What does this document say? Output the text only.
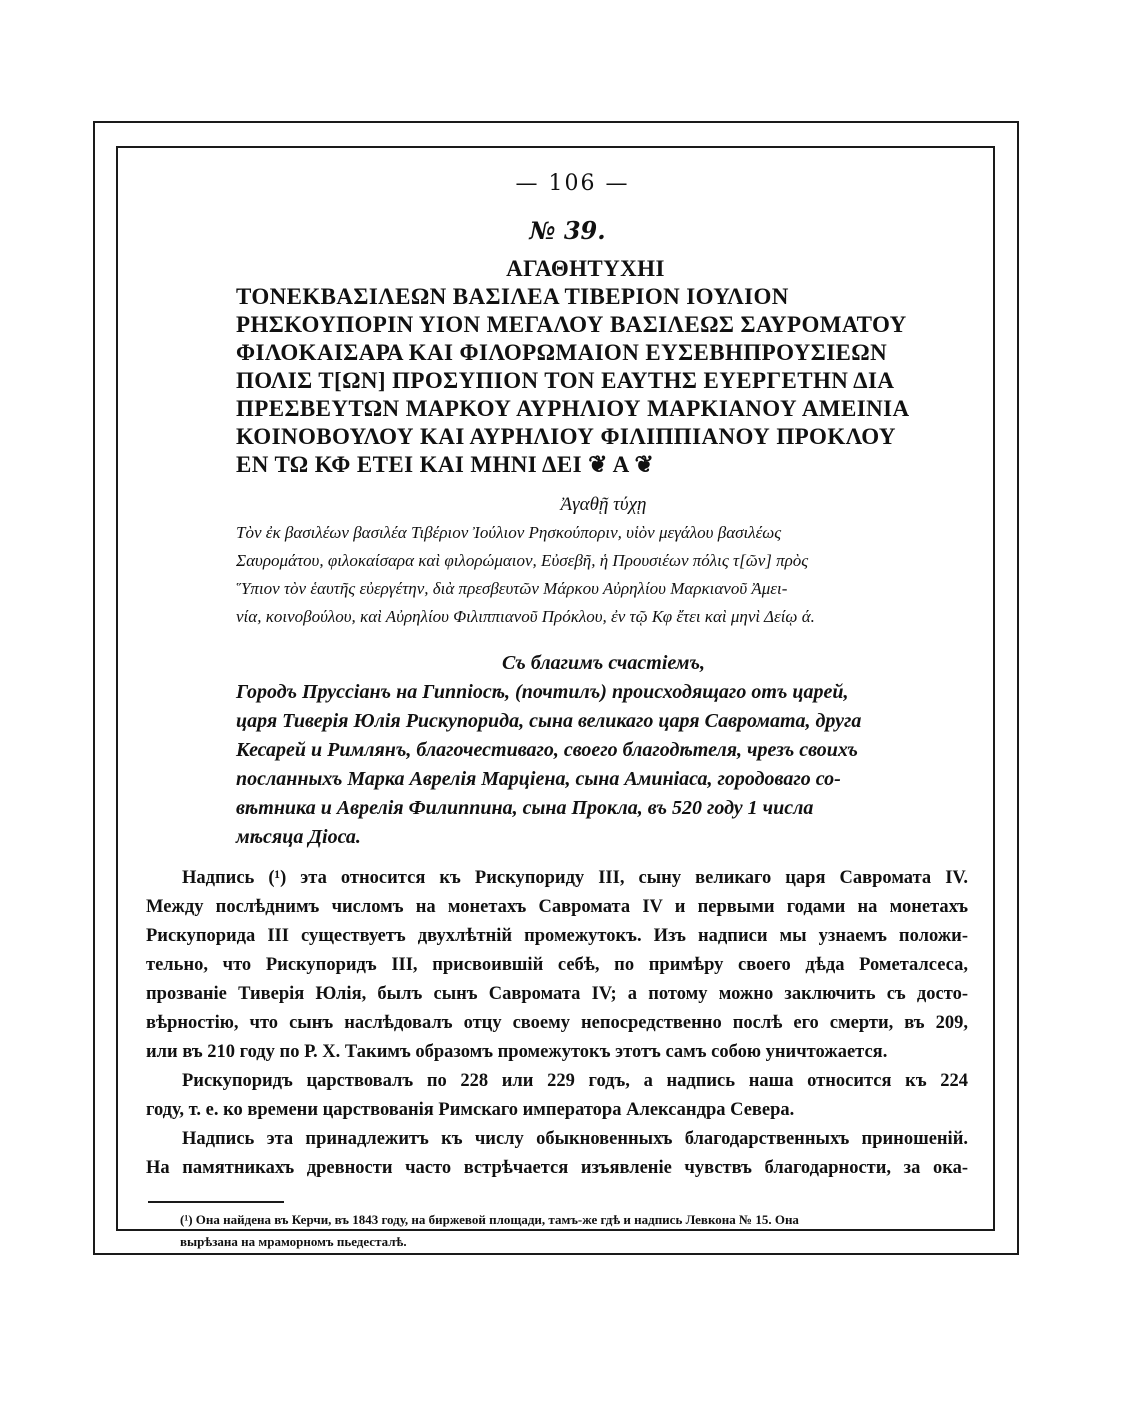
— 106 —
№ 39.
ΑΓΑΘΗΤΥΧΗΙ
ΤΟΝΕΚΒΑΣΙΛΕΩΝ ΒΑΣΙΛΕΑ ΤΙΒΕΡΙΟΝ ΙΟΥΛΙΟΝ
ΡΗΣΚΟΥΠΟΡΙΝ ΥΙΟΝ ΜΕΓΑΛΟΥ ΒΑΣΙΛΕΩΣ ΣΑΥΡΟΜΑΤΟΥ
ΦΙΛΟΚΑΙΣΑΡΑ ΚΑΙ ΦΙΛΟΡΩΜΑΙΟΝ ΕΥΣΕΒΗΠΡΟΥΣΙΕΩΝ
ΠΟΛΙΣ Τ[ΩΝ] ΠΡΟΣΥΠΙΟΝ ΤΟΝ ΕΑΥΤΗΣ ΕΥΕΡΓΕΤΗΝ ΔΙΑ
ΠΡΕΣΒΕΥΤΩΝ ΜΑΡΚΟΥ ΑΥΡΗΛΙΟΥ ΜΑΡΚΙΑΝΟΥ ΑΜΕΙΝΙΑ
ΚΟΙΝΟΒΟΥΛΟΥ ΚΑΙ ΑΥΡΗΛΙΟΥ ΦΙΛΙΠΠΙΑΝΟΥ ΠΡΟΚΛΟΥ
ΕΝ ΤΩ ΚΦ ΕΤΕΙ ΚΑΙ ΜΗΝΙ ΔΕΙ ❦ Α ❦
Ἀγαθῇ τύχῃ
Τὸν ἐκ βασιλέων βασιλέα Τιβέριον Ἰούλιον Ρησκούποριν, υἱὸν μεγάλου βασιλέως
Σαυρομάτου, φιλοκαίσαρα καὶ φιλορώμαιον, Εὐσεβῆ, ἡ Προυσιέων πόλις τ[ῶν] πρὸς
Ὕπιον τὸν ἑαυτῆς εὐεργέτην, διὰ πρεσβευτῶν Μάρκου Αὐρηλίου Μαρκιανοῦ Ἀμει-
νία, κοινοβούλου, καὶ Αὐρηλίου Φιλιππιανοῦ Πρόκλου, ἐν τῷ Κφ ἔτει καὶ μηνὶ Δείῳ ά.
Съ благимъ счастіемъ,
Городъ Пруссіанъ на Гиппіосѣ, (почтилъ) происходящаго отъ царей,
царя Тиверія Юлія Рискупорида, сына великаго царя Савромата, друга
Кесарей и Римлянъ, благочестиваго, своего благодѣтеля, чрезъ своихъ
посланныхъ Марка Аврелія Марціена, сына Аминіаса, городоваго со-
вѣтника и Аврелія Филиппина, сына Прокла, въ 520 году 1 числа
мѣсяца Діоса.

Надпись (¹) эта относится къ Рискупориду III, сыну великаго царя Савромата IV.
Между послѣднимъ числомъ на монетахъ Савромата IV и первыми годами на монетахъ
Рискупорида III существуетъ двухлѣтній промежутокъ. Изъ надписи мы узнаемъ положи-
тельно, что Рискупоридъ III, присвоившій себѣ, по примѣру своего дѣда Рометалсеса,
прозваніе Тиверія Юлія, былъ сынъ Савромата IV; а потому можно заключить съ досто-
вѣрностію, что сынъ наслѣдовалъ отцу своему непосредственно послѣ его смерти, въ 209,
или въ 210 году по Р. Х. Такимъ образомъ промежутокъ этотъ самъ собою уничтожается.

Рискупоридъ царствовалъ по 228 или 229 годъ, а надпись наша относится къ 224
году, т. е. ко времени царствованія Римскаго императора Александра Севера.

Надпись эта принадлежитъ къ числу обыкновенныхъ благодарственныхъ приношеній.
На памятникахъ древности часто встрѣчается изъявленіе чувствъ благодарности, за ока-

(¹) Она найдена въ Керчи, въ 1843 году, на биржевой площади, тамъ-же гдѣ и надпись Левкона № 15. Она
вырѣзана на мраморномъ пьедесталѣ.
